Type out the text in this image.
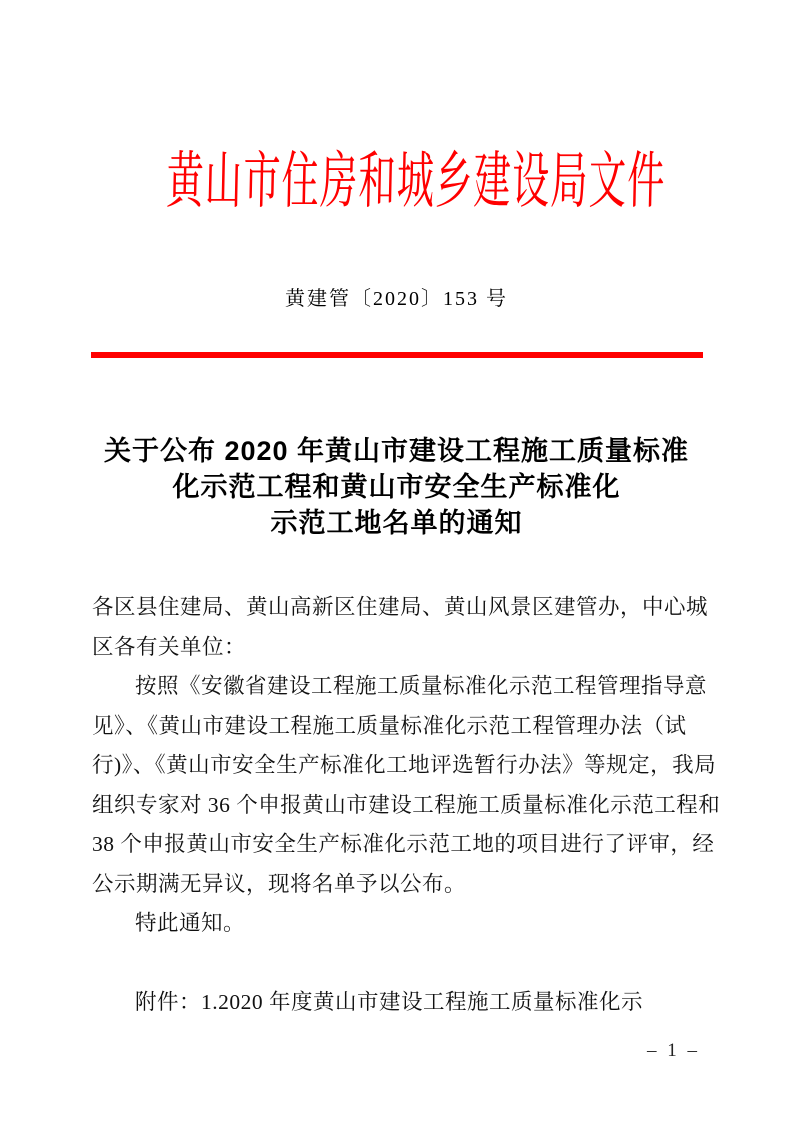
黄山市住房和城乡建设局文件
黄建管〔2020〕153 号
关于公布 2020 年黄山市建设工程施工质量标准
化示范工程和黄山市安全生产标准化
示范工地名单的通知

各区县住建局、黄山高新区住建局、黄山风景区建管办，中心城

区各有关单位：

按照《安徽省建设工程施工质量标准化示范工程管理指导意

见》、《黄山市建设工程施工质量标准化示范工程管理办法（试

行)》、《黄山市安全生产标准化工地评选暂行办法》等规定，我局

组织专家对 36 个申报黄山市建设工程施工质量标准化示范工程和

38 个申报黄山市安全生产标准化示范工地的项目进行了评审，经

公示期满无异议，现将名单予以公布。

特此通知。

附件：1.2020 年度黄山市建设工程施工质量标准化示

– 1 –
